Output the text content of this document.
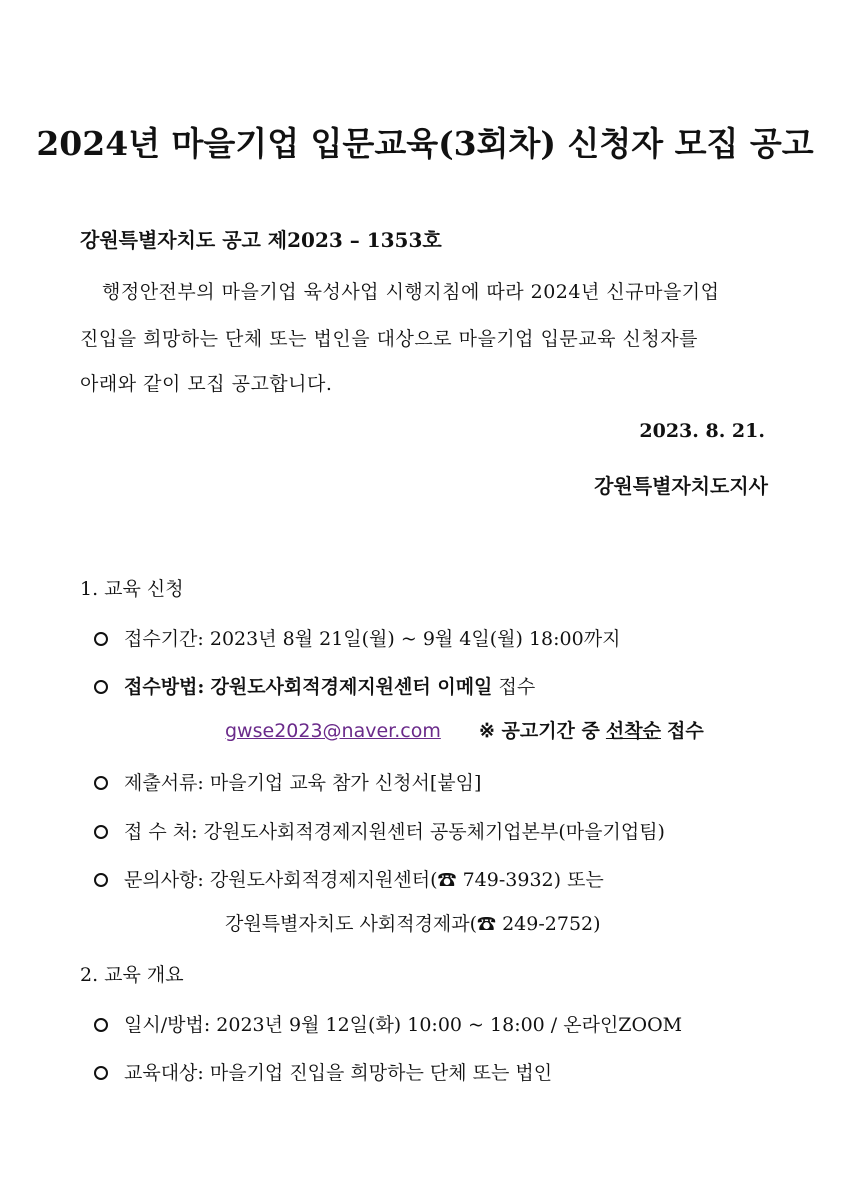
2024년 마을기업 입문교육(3회차) 신청자 모집 공고
강원특별자치도 공고 제2023 – 1353호
행정안전부의 마을기업 육성사업 시행지침에 따라 2024년 신규마을기업
진입을 희망하는 단체 또는 법인을 대상으로 마을기업 입문교육 신청자를
아래와 같이 모집 공고합니다.
2023. 8. 21.
강원특별자치도지사
1. 교육 신청
접수기간: 2023년 8월 21일(월) ~ 9월 4일(월) 18:00까지
접수방법: 강원도사회적경제지원센터 이메일 접수
gwse2023@naver.com ※ 공고기간 중 선착순 접수
제출서류: 마을기업 교육 참가 신청서[붙임]
접 수 처: 강원도사회적경제지원센터 공동체기업본부(마을기업팀)
문의사항: 강원도사회적경제지원센터(☎ 749-3932) 또는
강원특별자치도 사회적경제과(☎ 249-2752)
2. 교육 개요
일시/방법: 2023년 9월 12일(화) 10:00 ~ 18:00 / 온라인ZOOM
교육대상: 마을기업 진입을 희망하는 단체 또는 법인
